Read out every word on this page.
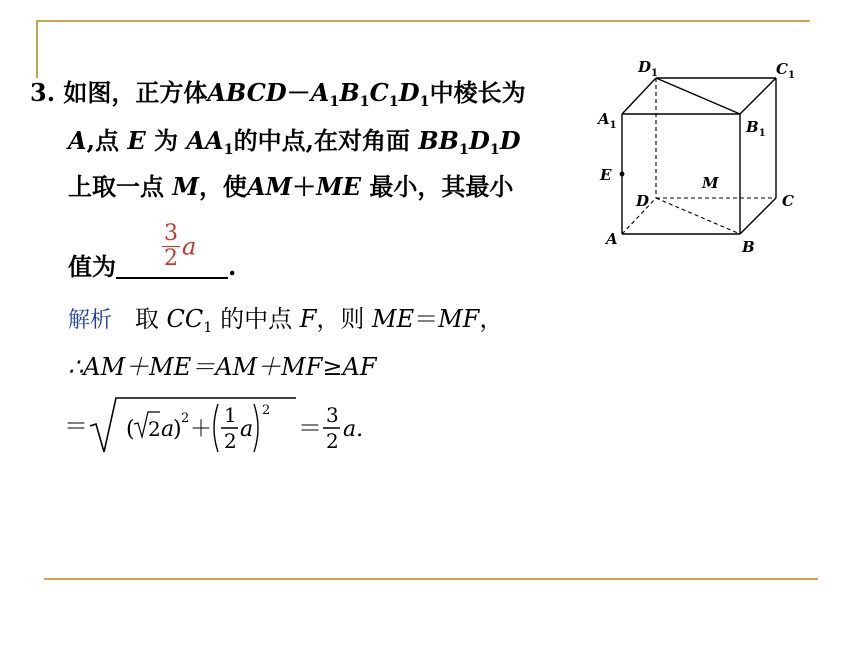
3. 如图，正方体$ABCD-A_1B_1C_1D_1$中棱长为
A,点 E 为 $AA_1$的中点,在对角面 $BB_1D_1D$
上取一点 M，使AM＋ME 最小，其最小
$\frac{3}{2}$ a
值为	.
解析 取 $CC_1$ 的中点 F，则 ME＝MF，
∴AM＋ME＝AM＋MF≥AF
＝ ( 2 a
) 2 ＋
1
2 a
2
＝ 3
2 a.
$D_1$	$C_1$
$A_1$	$B_1$
E	M
D	C
A	B
